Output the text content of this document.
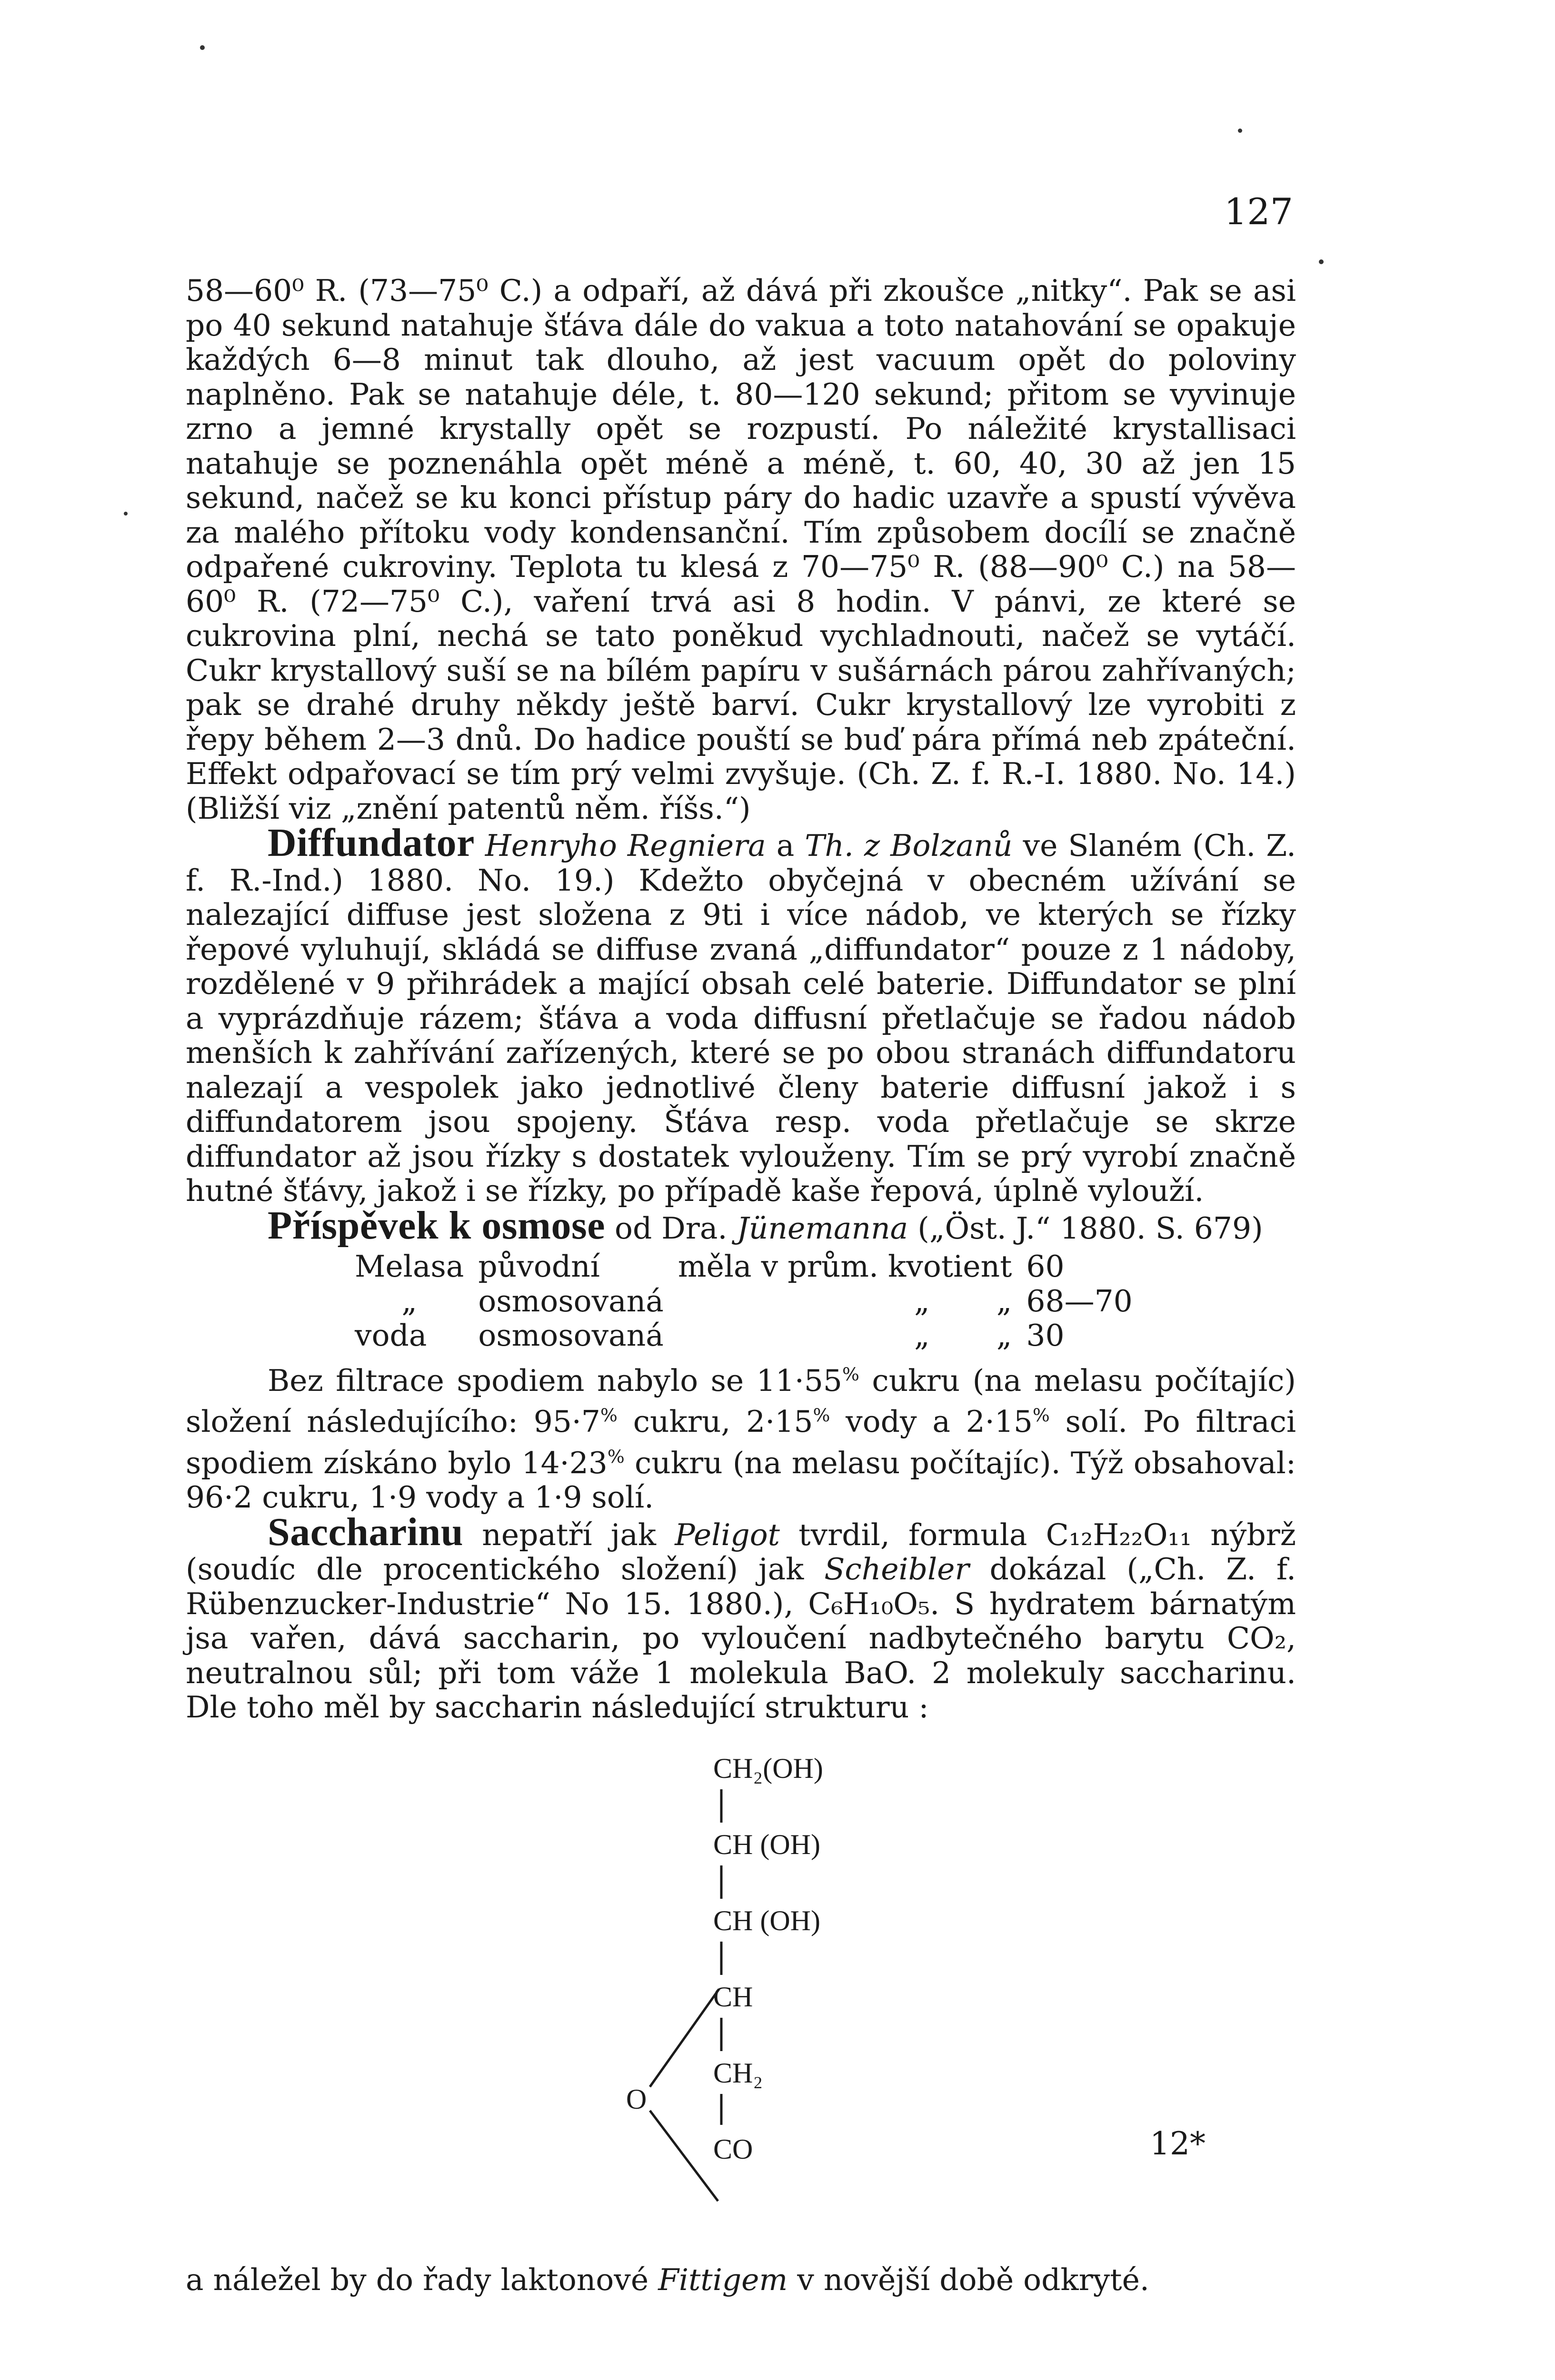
127

58—60⁰ R. (73—75⁰ C.) a odpaří, až dává při zkoušce „nitky“. Pak se asi po 40 sekund natahuje šťáva dále do vakua a toto natahování se opakuje každých 6—8 minut tak dlouho, až jest vacuum opět do poloviny naplněno. Pak se natahuje déle, t. 80—120 sekund; přitom se vyvinuje zrno a jemné krystally opět se rozpustí. Po náležité krystallisaci natahuje se poznenáhla opět méně a méně, t. 60, 40, 30 až jen 15 sekund, načež se ku konci přístup páry do hadic uzavře a spustí vývěva za malého přítoku vody kondensanční. Tím způsobem docílí se značně odpařené cukroviny. Teplota tu klesá z 70—75⁰ R. (88—90⁰ C.) na 58—60⁰ R. (72—75⁰ C.), vaření trvá asi 8 hodin. V pánvi, ze které se cukrovina plní, nechá se tato poněkud vychladnouti, načež se vytáčí. Cukr krystallový suší se na bílém papíru v sušárnách párou zahřívaných; pak se drahé druhy někdy ještě barví. Cukr krystallový lze vyrobiti z řepy během 2—3 dnů. Do hadice pouští se buď pára přímá neb zpáteční. Effekt odpařovací se tím prý velmi zvyšuje. (Ch. Z. f. R.-I. 1880. No. 14.) (Bližší viz „znění patentů něm. říšs.“)

Diffundator Henryho Regniera a Th. z Bolzanů ve Slaném (Ch. Z. f. R.-Ind.) 1880. No. 19.) Kdežto obyčejná v obecném užívání se nalezající diffuse jest složena z 9ti i více nádob, ve kterých se řízky řepové vyluhují, skládá se diffuse zvaná „diffundator“ pouze z 1 nádoby, rozdělené v 9 přihrádek a mající obsah celé baterie. Diffundator se plní a vyprázdňuje rázem; šťáva a voda diffusní přetlačuje se řadou nádob menších k zahřívání zařízených, které se po obou stranách diffundatoru nalezají a vespolek jako jednotlivé členy baterie diffusní jakož i s diffundatorem jsou spojeny. Šťáva resp. voda přetlačuje se skrze diffundator až jsou řízky s dostatek vylouženy. Tím se prý vyrobí značně hutné šťávy, jakož i se řízky, po případě kaše řepová, úplně vylouží.

Příspěvek k osmose od Dra. Jünemanna („Öst. J.“ 1880. S. 679)

Melasa	původní	měla v prům. kvotient	60
„	osmosovaná	„       „	68—70
voda	osmosovaná	„       „	30

Bez filtrace spodiem nabylo se 11·55% cukru (na melasu počítajíc) složení následujícího: 95·7% cukru, 2·15% vody a 2·15% solí. Po filtraci spodiem získáno bylo 14·23% cukru (na melasu počítajíc). Týž obsahoval: 96·2 cukru, 1·9 vody a 1·9 solí.

Saccharinu nepatří jak Peligot tvrdil, formula C₁₂H₂₂O₁₁ nýbrž (soudíc dle procentického složení) jak Scheibler dokázal („Ch. Z. f. Rübenzucker-Industrie“ No 15. 1880.), C₆H₁₀O₅. S hydratem bárnatým jsa vařen, dává saccharin, po vyloučení nadbytečného barytu CO₂, neutralnou sůl; při tom váže 1 molekula BaO. 2 molekuly saccharinu. Dle toho měl by saccharin následující strukturu :

CH₂(OH)
CH (OH)
CH (OH)
CH
CH₂
CO
O

a náležel by do řady laktonové Fittigem v novější době odkryté.

12*
